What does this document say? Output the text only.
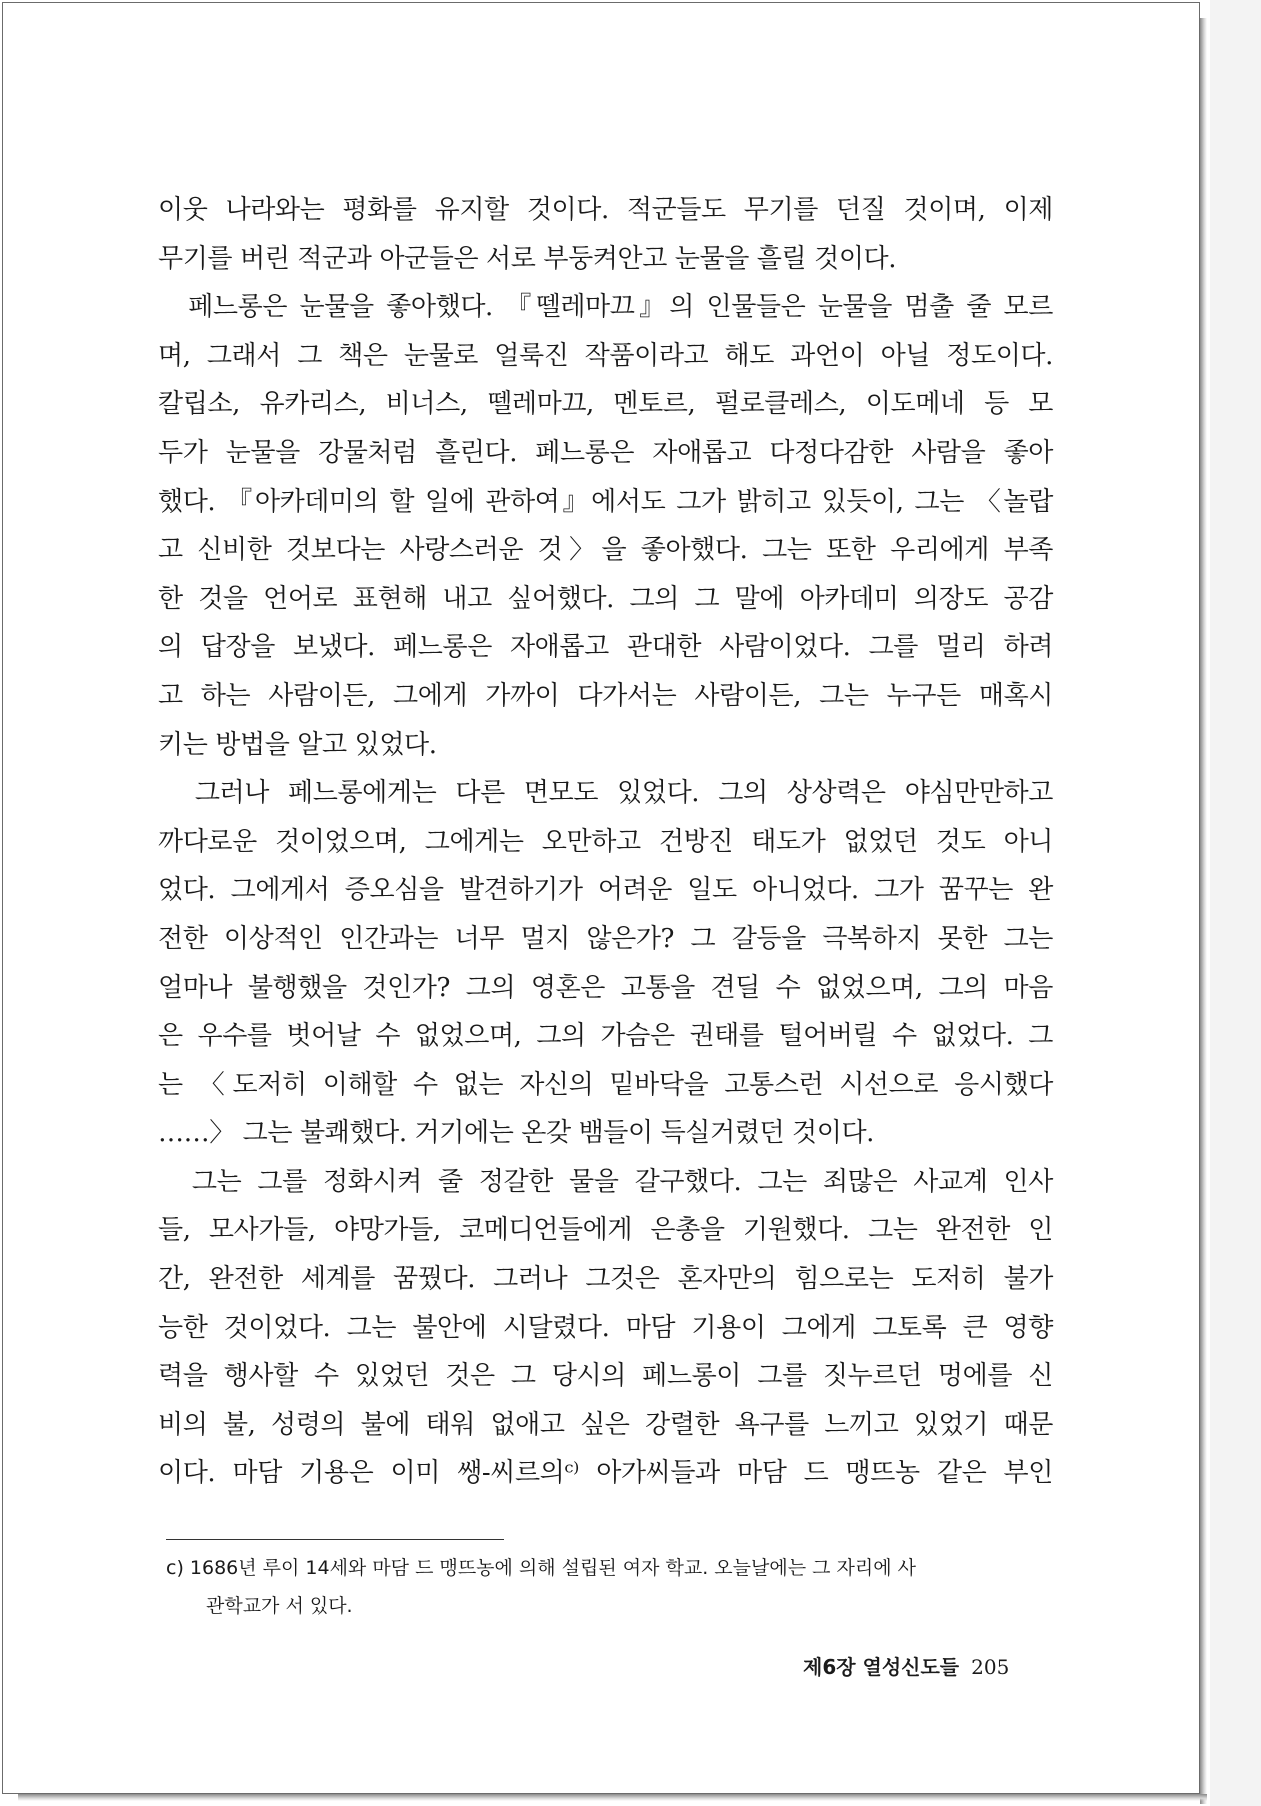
이웃 나라와는 평화를 유지할 것이다. 적군들도 무기를 던질 것이며, 이제
무기를 버린 적군과 아군들은 서로 부둥켜안고 눈물을 흘릴 것이다.
　페느롱은 눈물을 좋아했다. 『뗄레마끄』의 인물들은 눈물을 멈출 줄 모르
며, 그래서 그 책은 눈물로 얼룩진 작품이라고 해도 과언이 아닐 정도이다.
칼립소, 유카리스, 비너스, 뗄레마끄, 멘토르, 펄로클레스, 이도메네 등 모
두가 눈물을 강물처럼 흘린다. 페느롱은 자애롭고 다정다감한 사람을 좋아
했다. 『아카데미의 할 일에 관하여』에서도 그가 밝히고 있듯이, 그는 〈놀랍
고 신비한 것보다는 사랑스러운 것〉을 좋아했다. 그는 또한 우리에게 부족
한 것을 언어로 표현해 내고 싶어했다. 그의 그 말에 아카데미 의장도 공감
의 답장을 보냈다. 페느롱은 자애롭고 관대한 사람이었다. 그를 멀리 하려
고 하는 사람이든, 그에게 가까이 다가서는 사람이든, 그는 누구든 매혹시
키는 방법을 알고 있었다.
　그러나 페느롱에게는 다른 면모도 있었다. 그의 상상력은 야심만만하고
까다로운 것이었으며, 그에게는 오만하고 건방진 태도가 없었던 것도 아니
었다. 그에게서 증오심을 발견하기가 어려운 일도 아니었다. 그가 꿈꾸는 완
전한 이상적인 인간과는 너무 멀지 않은가? 그 갈등을 극복하지 못한 그는
얼마나 불행했을 것인가? 그의 영혼은 고통을 견딜 수 없었으며, 그의 마음
은 우수를 벗어날 수 없었으며, 그의 가슴은 권태를 털어버릴 수 없었다. 그
는 〈도저히 이해할 수 없는 자신의 밑바닥을 고통스런 시선으로 응시했다
……〉 그는 불쾌했다. 거기에는 온갖 뱀들이 득실거렸던 것이다.
　그는 그를 정화시켜 줄 정갈한 물을 갈구했다. 그는 죄많은 사교계 인사
들, 모사가들, 야망가들, 코메디언들에게 은총을 기원했다. 그는 완전한 인
간, 완전한 세계를 꿈꿨다. 그러나 그것은 혼자만의 힘으로는 도저히 불가
능한 것이었다. 그는 불안에 시달렸다. 마담 기용이 그에게 그토록 큰 영향
력을 행사할 수 있었던 것은 그 당시의 페느롱이 그를 짓누르던 멍에를 신
비의 불, 성령의 불에 태워 없애고 싶은 강렬한 욕구를 느끼고 있었기 때문
이다. 마담 기용은 이미 쌩-씨르의ᶜ⁾ 아가씨들과 마담 드 맹뜨농 같은 부인
c) 1686년 루이 14세와 마담 드 맹뜨농에 의해 설립된 여자 학교. 오늘날에는 그 자리에 사
관학교가 서 있다.
제6장 열성신도들 205
